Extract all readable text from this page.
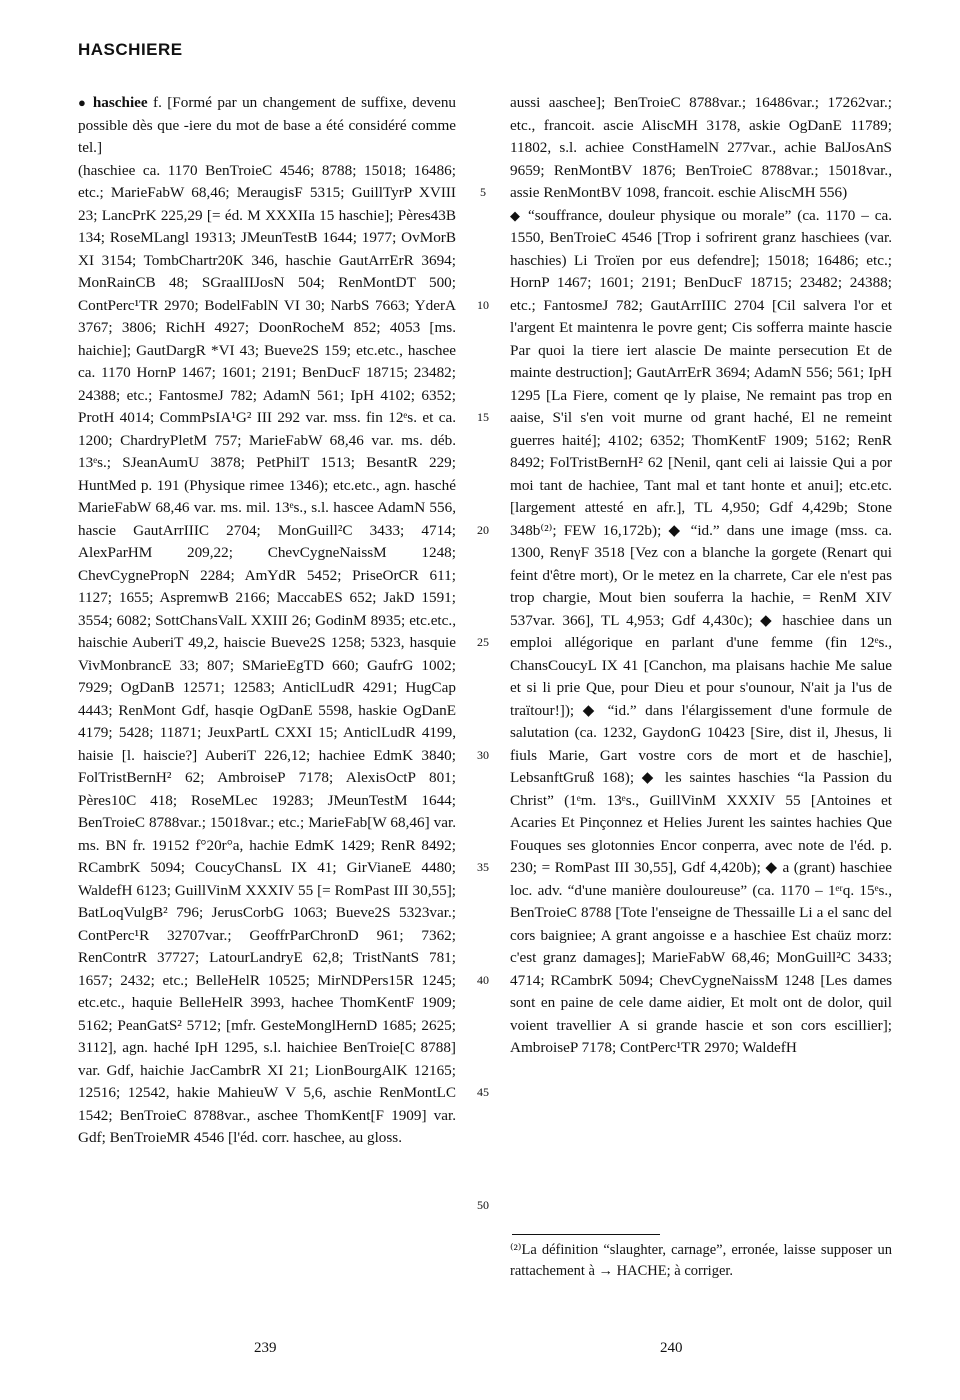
HASCHIERE

● haschiee f. [Formé par un changement de suffixe, devenu possible dès que -iere du mot de base a été considéré comme tel.]

(haschiee ca. 1170 BenTroieC 4546; 8788; 15018; 16486; etc.; MarieFabW 68,46; MeraugisF 5315; GuillTyrP XVIII 23; LancPrK 225,29 [= éd. M XXXIIa 15 haschie]; Pères43B 134; RoseMLangl 19313; JMeunTestB 1644; 1977; OvMorB XI 3154; TombChartr20K 346, haschie GautArrErR 3694; MonRainCB 48; SGraalIIJosN 504; RenMontDT 500; ContPerc¹TR 2970; BodelFablN VI 30; NarbS 7663; YderA 3767; 3806; RichH 4927; DoonRocheM 852; 4053 [ms. haichie]; GautDargR *VI 43; Bueve2S 159; etc.etc., haschee ca. 1170 HornP 1467; 1601; 2191; BenDucF 18715; 23482; 24388; etc.; FantosmeJ 782; AdamN 561; IpH 4102; 6352; ProtH 4014; CommPsIA¹G² III 292 var. mss. fin 12ᵉs. et ca. 1200; ChardryPletM 757; MarieFabW 68,46 var. ms. déb. 13ᵉs.; SJeanAumU 3878; PetPhilT 1513; BesantR 229; HuntMed p. 191 (Physique rimee 1346); etc.etc., agn. hasché MarieFabW 68,46 var. ms. mil. 13ᵉs., s.l. hascee AdamN 556, hascie GautArrIIIC 2704; MonGuill²C 3433; 4714; AlexParHM 209,22; ChevCygneNaissM 1248; ChevCygnePropN 2284; AmYdR 5452; PriseOrCR 611; 1127; 1655; AspremwB 2166; MaccabES 652; JakD 1591; 3554; 6082; SottChansValL XXIII 26; GodinM 8935; etc.etc., haischie AuberiT 49,2, haiscie Bueve2S 1258; 5323, hasquie VivMonbrancE 33; 807; SMarieEgTD 660; GaufrG 1002; 7929; OgDanB 12571; 12583; AnticlLudR 4291; HugCap 4443; RenMont Gdf, hasqie OgDanE 5598, haskie OgDanE 4179; 5428; 11871; JeuxPartL CXXI 15; AnticlLudR 4199, haisie [l. haiscie?] AuberiT 226,12; hachiee EdmK 3840; FolTristBernH² 62; AmbroiseP 7178; AlexisOctP 801; Pères10C 418; RoseMLec 19283; JMeunTestM 1644; BenTroieC 8788var.; 15018var.; etc.; MarieFab[W 68,46] var. ms. BN fr. 19152 f°20r°a, hachie EdmK 1429; RenR 8492; RCambrK 5094; CoucyChansL IX 41; GirVianeE 4480; WaldefH 6123; GuillVinM XXXIV 55 [= RomPast III 30,55]; BatLoqVulgB² 796; JerusCorbG 1063; Bueve2S 5323var.; ContPerc¹R 32707var.; GeoffrParChronD 961; 7362; RenContrR 37727; LatourLandryE 62,8; TristNantS 781; 1657; 2432; etc.; BelleHelR 10525; MirNDPers15R 1245; etc.etc., haquie BelleHelR 3993, hachee ThomKentF 1909; 5162; PeanGatS² 5712; [mfr. GesteMonglHernD 1685; 2625; 3112], agn. haché IpH 1295, s.l. haichiee BenTroie[C 8788] var. Gdf, haichie JacCambrR XI 21; LionBourgAlK 12165; 12516; 12542, hakie MahieuW V 5,6, aschie RenMontLC 1542; BenTroieC 8788var., aschee ThomKent[F 1909] var. Gdf; BenTroieMR 4546 [l'éd. corr. haschee, au gloss.

5
10
15
20
25
30
35
40
45
50

aussi aaschee]; BenTroieC 8788var.; 16486var.; 17262var.; etc., francoit. ascie AliscMH 3178, askie OgDanE 11789; 11802, s.l. achiee ConstHamelN 277var., achie BalJosAnS 9659; RenMontBV 1876; BenTroieC 8788var.; 15018var., assie RenMontBV 1098, francoit. eschie AliscMH 556)

◆ “souffrance, douleur physique ou morale” (ca. 1170 – ca. 1550, BenTroieC 4546 [Trop i sofrirent granz haschiees (var. haschies) Li Troïen por eus defendre]; 15018; 16486; etc.; HornP 1467; 1601; 2191; BenDucF 18715; 23482; 24388; etc.; FantosmeJ 782; GautArrIIIC 2704 [Cil salvera l'or et l'argent Et maintenra le povre gent; Cis sofferra mainte hascie Par quoi la tiere iert alascie De mainte persecution Et de mainte destruction]; GautArrErR 3694; AdamN 556; 561; IpH 1295 [La Fiere, coment qe ly plaise, Ne remaint pas trop en aaise, S'il s'en voit murne od grant haché, El ne remeint guerres haité]; 4102; 6352; ThomKentF 1909; 5162; RenR 8492; FolTristBernH² 62 [Nenil, qant celi ai laissie Qui a por moi tant de hachiee, Tant mal et tant honte et anui]; etc.etc. [largement attesté en afr.], TL 4,950; Gdf 4,429b; Stone 348b⁽²⁾; FEW 16,172b); ◆ “id.” dans une image (mss. ca. 1300, RenγF 3518 [Vez con a blanche la gorgete (Renart qui feint d'être mort), Or le metez en la charrete, Car ele n'est pas trop chargie, Mout bien souferra la hachie, = RenM XIV 537var. 366], TL 4,953; Gdf 4,430c); ◆ haschiee dans un emploi allégorique en parlant d'une femme (fin 12ᵉs., ChansCoucyL IX 41 [Canchon, ma plaisans hachie Me salue et si li prie Que, pour Dieu et pour s'ounour, N'ait ja l'us de traïtour!]); ◆ “id.” dans l'élargissement d'une formule de salutation (ca. 1232, GaydonG 10423 [Sire, dist il, Jhesus, li fiuls Marie, Gart vostre cors de mort et de haschie], LebsanftGruß 168); ◆ les saintes haschies “la Passion du Christ” (1ᵉm. 13ᵉs., GuillVinM XXXIV 55 [Antoines et Acaries Et Pinçonnez et Helies Jurent les saintes hachies Que Fouques ses glotonnies Encor conperra, avec note de l'éd. p. 230; = RomPast III 30,55], Gdf 4,420b); ◆ a (grant) haschiee loc. adv. “d'une manière douloureuse” (ca. 1170 – 1ᵉʳq. 15ᵉs., BenTroieC 8788 [Tote l'enseigne de Thessaille Li a el sanc del cors baigniee; A grant angoisse e a haschiee Est chaüz morz: c'est granz damages]; MarieFabW 68,46; MonGuill²C 3433; 4714; RCambrK 5094; ChevCygneNaissM 1248 [Les dames sont en paine de cele dame aidier, Et molt ont de dolor, quil voient travellier A si grande hascie et son cors escillier]; AmbroiseP 7178; ContPerc¹TR 2970; WaldefH

⁽²⁾La définition “slaughter, carnage”, erronée, laisse supposer un rattachement à → HACHE; à corriger.
239	240
